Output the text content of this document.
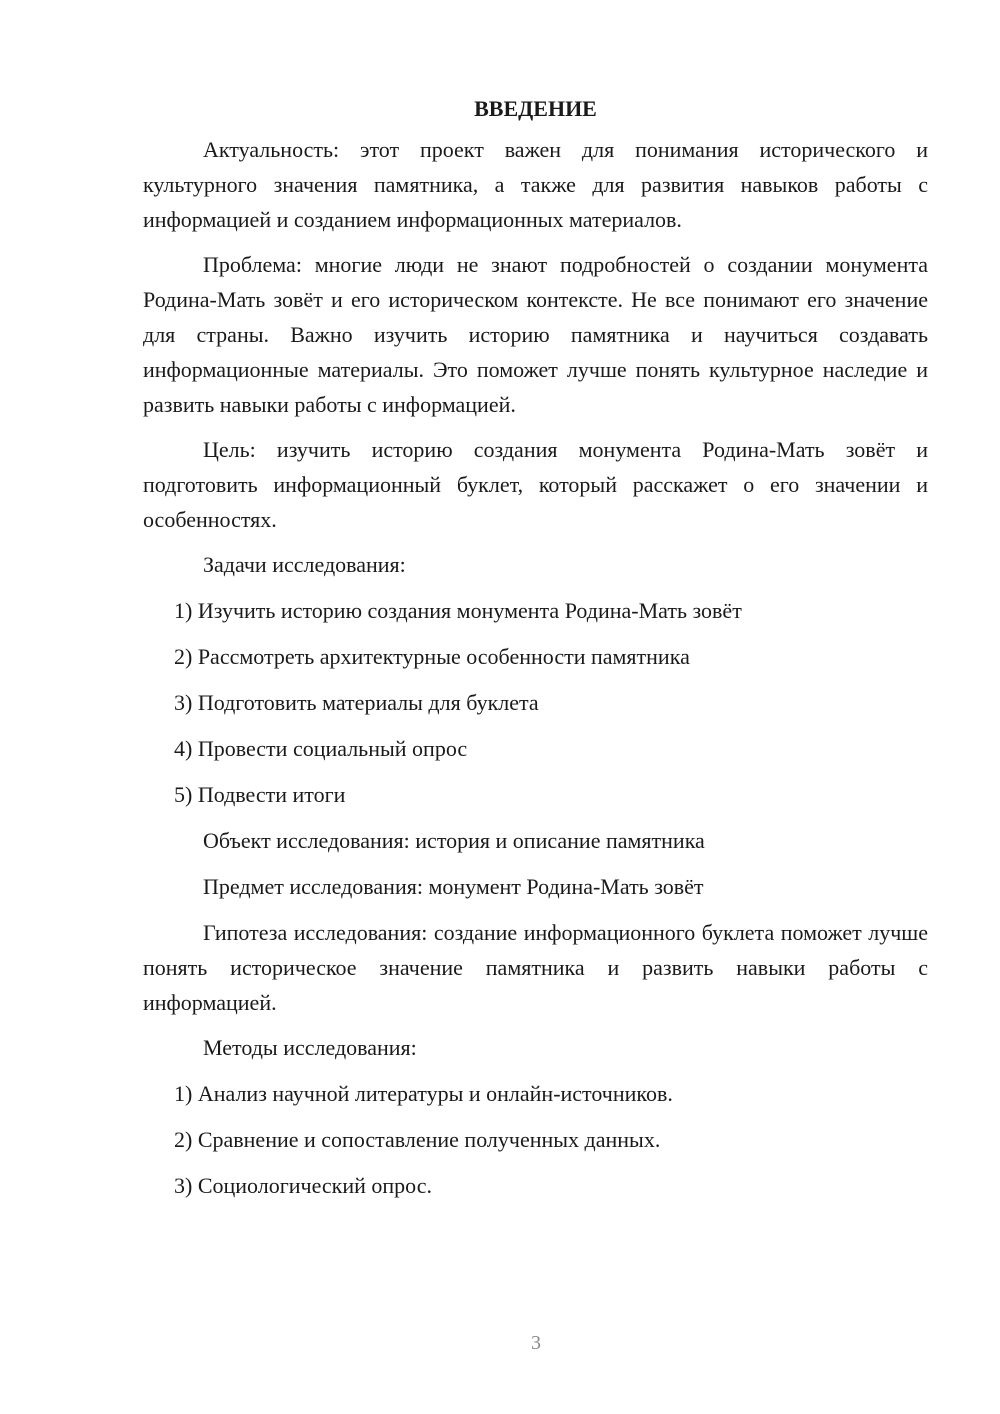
ВВЕДЕНИЕ

Актуальность: этот проект важен для понимания исторического и культурного значения памятника, а также для развития навыков работы с информацией и созданием информационных материалов.

Проблема: многие люди не знают подробностей о создании монумента Родина-Мать зовёт и его историческом контексте. Не все понимают его значение для страны. Важно изучить историю памятника и научиться создавать информационные материалы. Это поможет лучше понять культурное наследие и развить навыки работы с информацией.

Цель: изучить историю создания монумента Родина-Мать зовёт и подготовить информационный буклет, который расскажет о его значении и особенностях.

Задачи исследования:
1) Изучить историю создания монумента Родина-Мать зовёт
2) Рассмотреть архитектурные особенности памятника
3) Подготовить материалы для буклета
4) Провести социальный опрос
5) Подвести итоги
Объект исследования: история и описание памятника
Предмет исследования: монумент Родина-Мать зовёт

Гипотеза исследования: создание информационного буклета поможет лучше понять историческое значение памятника и развить навыки работы с информацией.

Методы исследования:
1) Анализ научной литературы и онлайн-источников.
2) Сравнение и сопоставление полученных данных.
3) Социологический опрос.
3
